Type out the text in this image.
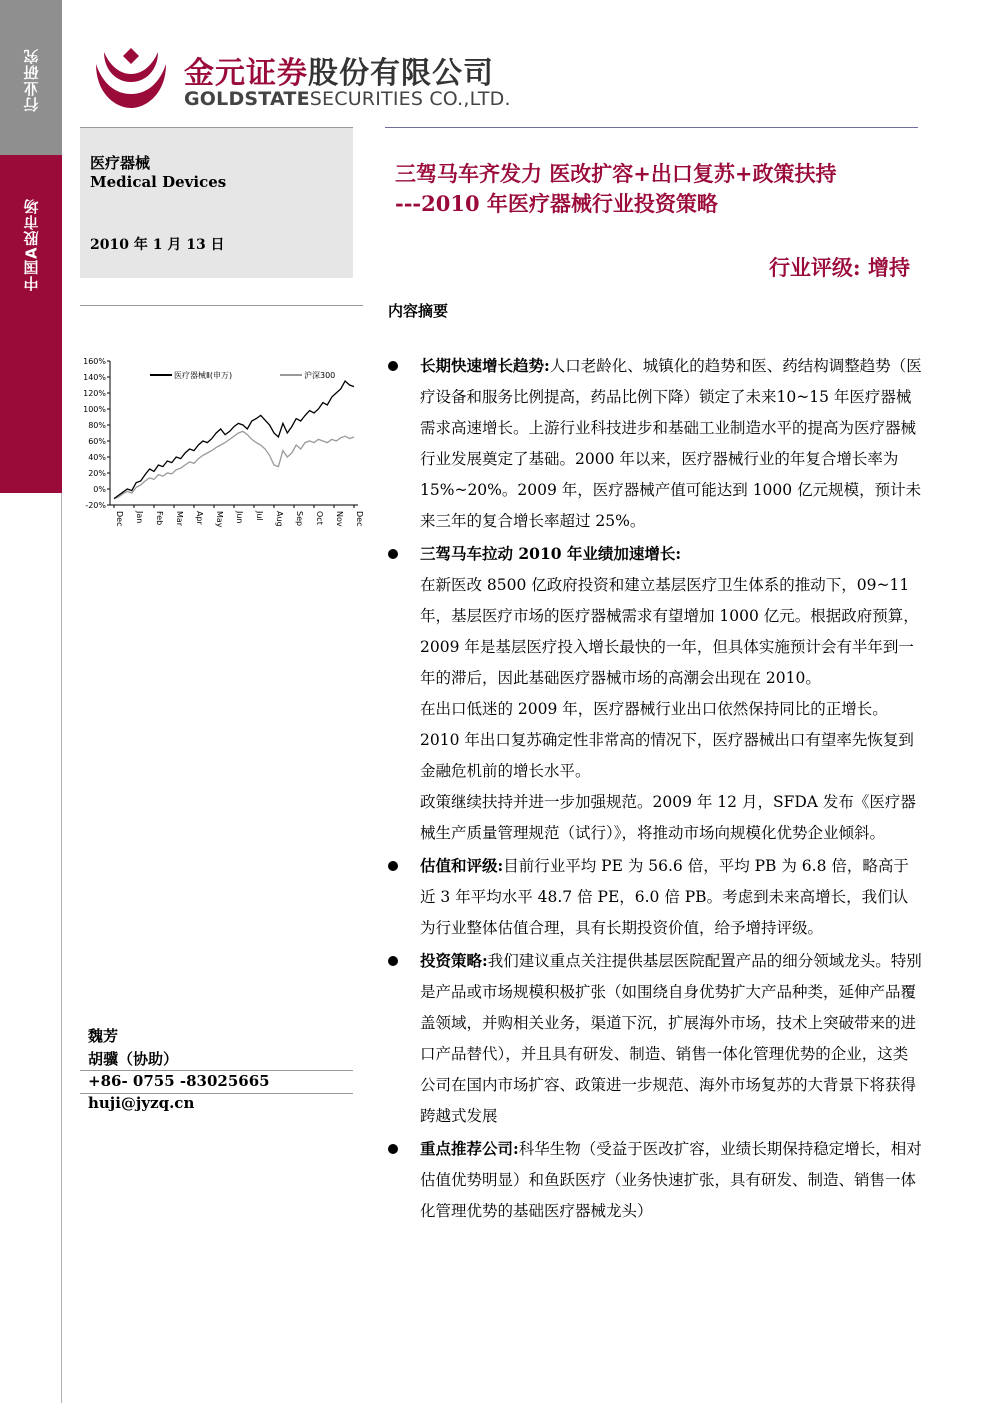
行业研究
中国A股市场
金元证券股份有限公司
GOLDSTATESECURITIES CO.,LTD.
医疗器械
Medical Devices
2010 年 1 月 13 日
三驾马车齐发力 医改扩容+出口复苏+政策扶持
---2010 年医疗器械行业投资策略
行业评级: 增持
内容摘要
160%
140%
120%
100%
80%
60%
40%
20%
0%
-20%
Dec Jan Feb Mar Apr May Jun Jul Aug Sep Oct Nov Dec
医疗器械Ⅱ(申万)	沪深300
长期快速增长趋势:人口老龄化、城镇化的趋势和医、药结构调整趋势（医疗设备和服务比例提高，药品比例下降）锁定了未来10~15 年医疗器械需求高速增长。上游行业科技进步和基础工业制造水平的提高为医疗器械行业发展奠定了基础。2000 年以来，医疗器械行业的年复合增长率为 15%~20%。2009 年，医疗器械产值可能达到 1000 亿元规模，预计未来三年的复合增长率超过 25%。
三驾马车拉动 2010 年业绩加速增长:
在新医改 8500 亿政府投资和建立基层医疗卫生体系的推动下，09~11 年，基层医疗市场的医疗器械需求有望增加 1000 亿元。根据政府预算，2009 年是基层医疗投入增长最快的一年，但具体实施预计会有半年到一年的滞后，因此基础医疗器械市场的高潮会出现在 2010。
在出口低迷的 2009 年，医疗器械行业出口依然保持同比的正增长。2010 年出口复苏确定性非常高的情况下，医疗器械出口有望率先恢复到金融危机前的增长水平。
政策继续扶持并进一步加强规范。2009 年 12 月，SFDA 发布《医疗器械生产质量管理规范（试行）》，将推动市场向规模化优势企业倾斜。
估值和评级:目前行业平均 PE 为 56.6 倍，平均 PB 为 6.8 倍，略高于近 3 年平均水平 48.7 倍 PE，6.0 倍 PB。考虑到未来高增长，我们认为行业整体估值合理，具有长期投资价值，给予增持评级。
投资策略:我们建议重点关注提供基层医院配置产品的细分领域龙头。特别是产品或市场规模积极扩张（如围绕自身优势扩大产品种类，延伸产品覆盖领域，并购相关业务，渠道下沉，扩展海外市场，技术上突破带来的进口产品替代），并且具有研发、制造、销售一体化管理优势的企业，这类公司在国内市场扩容、政策进一步规范、海外市场复苏的大背景下将获得跨越式发展
重点推荐公司:科华生物（受益于医改扩容，业绩长期保持稳定增长，相对估值优势明显）和鱼跃医疗（业务快速扩张，具有研发、制造、销售一体化管理优势的基础医疗器械龙头）
魏芳
胡骥（协助）
+86- 0755 -83025665
huji@jyzq.cn
